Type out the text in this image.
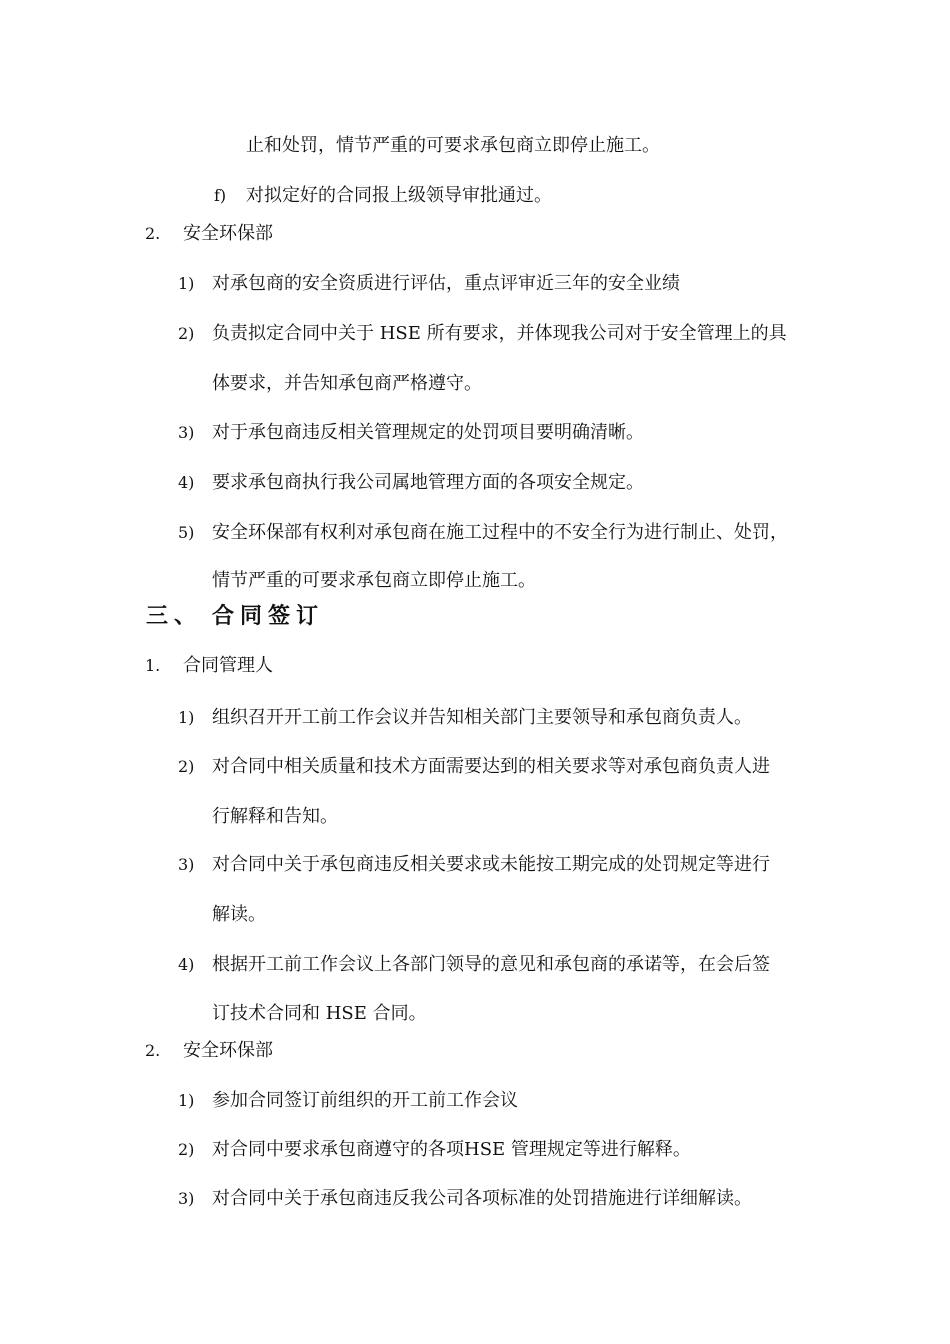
止和处罚，情节严重的可要求承包商立即停止施工。
f) 对拟定好的合同报上级领导审批通过。
2. 安全环保部
1) 对承包商的安全资质进行评估，重点评审近三年的安全业绩
2) 负责拟定合同中关于 HSE 所有要求，并体现我公司对于安全管理上的具
体要求，并告知承包商严格遵守。
3) 对于承包商违反相关管理规定的处罚项目要明确清晰。
4) 要求承包商执行我公司属地管理方面的各项安全规定。
5) 安全环保部有权利对承包商在施工过程中的不安全行为进行制止、处罚，
情节严重的可要求承包商立即停止施工。
三、 合同签订
1. 合同管理人
1) 组织召开开工前工作会议并告知相关部门主要领导和承包商负责人。
2) 对合同中相关质量和技术方面需要达到的相关要求等对承包商负责人进
行解释和告知。
3) 对合同中关于承包商违反相关要求或未能按工期完成的处罚规定等进行
解读。
4) 根据开工前工作会议上各部门领导的意见和承包商的承诺等，在会后签
订技术合同和 HSE 合同。
2. 安全环保部
1) 参加合同签订前组织的开工前工作会议
2) 对合同中要求承包商遵守的各项HSE 管理规定等进行解释。
3) 对合同中关于承包商违反我公司各项标准的处罚措施进行详细解读。
